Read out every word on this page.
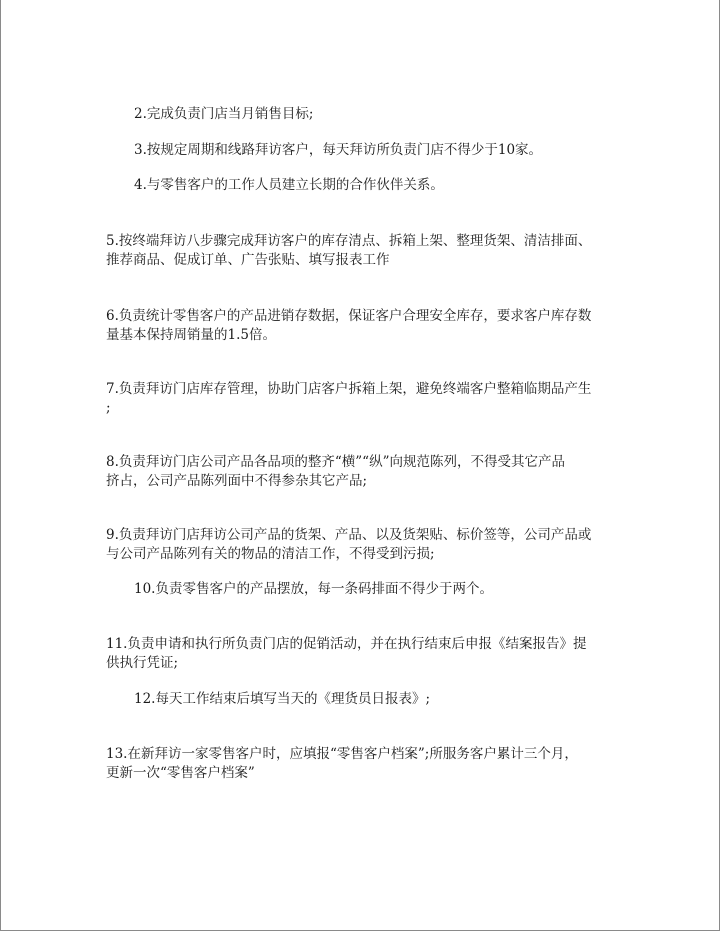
2.完成负责门店当月销售目标;

3.按规定周期和线路拜访客户，每天拜访所负责门店不得少于10家。

4.与零售客户的工作人员建立长期的合作伙伴关系。

5.按终端拜访八步骤完成拜访客户的库存清点、拆箱上架、整理货架、清洁排面、

推荐商品、促成订单、广告张贴、填写报表工作

6.负责统计零售客户的产品进销存数据，保证客户合理安全库存，要求客户库存数

量基本保持周销量的1.5倍。

7.负责拜访门店库存管理，协助门店客户拆箱上架，避免终端客户整箱临期品产生

;

8.负责拜访门店公司产品各品项的整齐“横”“纵”向规范陈列，不得受其它产品

挤占，公司产品陈列面中不得参杂其它产品;

9.负责拜访门店拜访公司产品的货架、产品、以及货架贴、标价签等，公司产品或

与公司产品陈列有关的物品的清洁工作，不得受到污损;

10.负责零售客户的产品摆放，每一条码排面不得少于两个。

11.负责申请和执行所负责门店的促销活动，并在执行结束后申报《结案报告》提

供执行凭证;

12.每天工作结束后填写当天的《理货员日报表》;

13.在新拜访一家零售客户时，应填报“零售客户档案”;所服务客户累计三个月，

更新一次“零售客户档案”
